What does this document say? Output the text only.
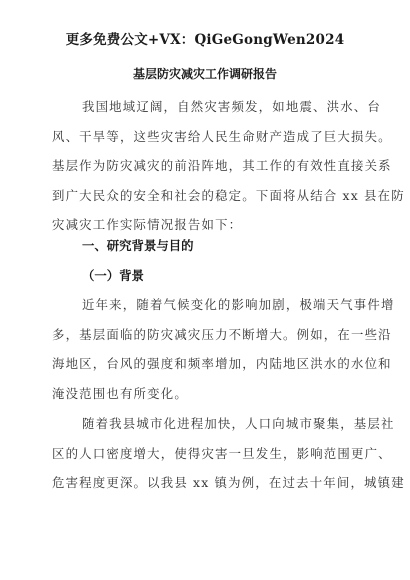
更多免费公文+VX：QiGeGongWen2024
基层防灾减灾工作调研报告
我国地域辽阔，自然灾害频发，如地震、洪水、台
风、干旱等，这些灾害给人民生命财产造成了巨大损失。
基层作为防灾减灾的前沿阵地，其工作的有效性直接关系
到广大民众的安全和社会的稳定。下面将从结合 xx 县在防
灾减灾工作实际情况报告如下：
一、研究背景与目的
（一）背景
近年来，随着气候变化的影响加剧，极端天气事件增
多，基层面临的防灾减灾压力不断增大。例如，在一些沿
海地区，台风的强度和频率增加，内陆地区洪水的水位和
淹没范围也有所变化。
随着我县城市化进程加快，人口向城市聚集，基层社
区的人口密度增大，使得灾害一旦发生，影响范围更广、
危害程度更深。以我县 xx 镇为例，在过去十年间，城镇建
